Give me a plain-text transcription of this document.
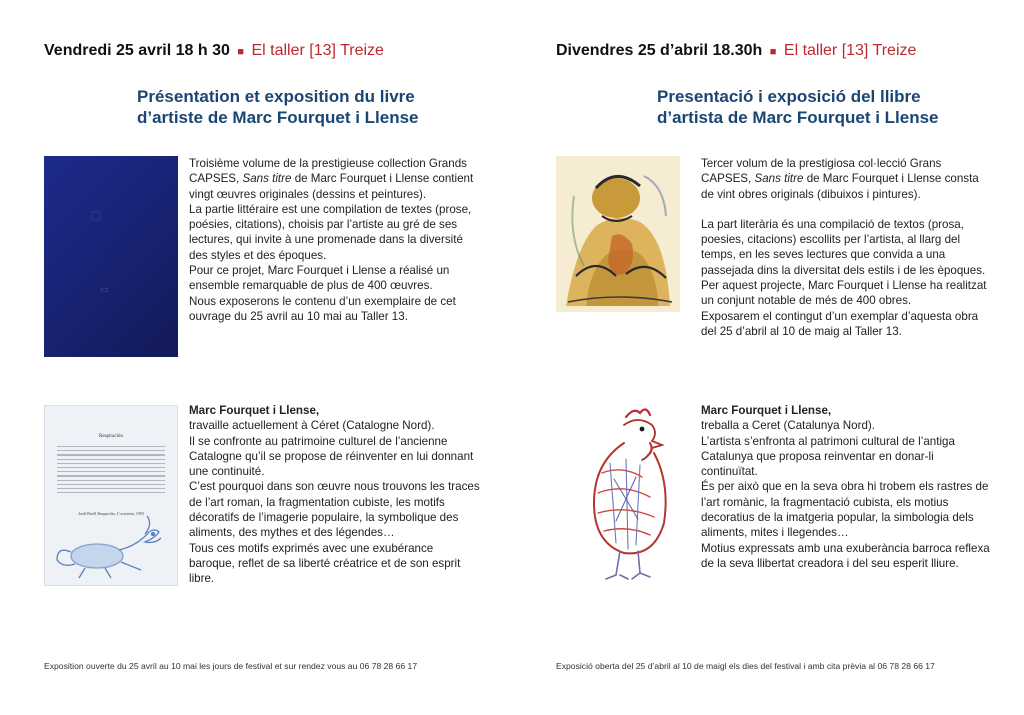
Vendredi 25 avril 18 h 30 ■ El taller [13] Treize
Présentation et exposition du livre
d’artiste de Marc Fourquet i Llense
▢
▭

Troisième volume de la prestigieuse collection Grands CAPSES, Sans titre de Marc Fourquet i Llense contient vingt œuvres originales (dessins et peintures).

La partie littéraire est une compilation de textes (prose, poésies, citations), choisis par l’artiste au gré de ses lectures, qui invite à une promenade dans la diversité des styles et des époques.

Pour ce projet, Marc Fourquet i Llense a réalisé un ensemble remarquable de plus de 400 œuvres.

Nous exposerons le contenu d’un exemplaire de cet ouvrage du 25 avril au 10 mai au Taller 13.

Respiración
Jordi Pinell Brugarolas, L’avioneta, 1993

Marc Fourquet i Llense,

travaille actuellement à Céret (Catalogne Nord).

Il se confronte au patrimoine culturel de l’ancienne Catalogne qu’il se propose de réinventer en lui donnant une continuité.

C’est pourquoi dans son œuvre nous trouvons les traces de l’art roman, la fragmentation cubiste, les motifs décoratifs de l’imagerie populaire, la symbolique des aliments, des mythes et des légendes…

Tous ces motifs exprimés avec une exubérance baroque, reflet de sa liberté créatrice et de son esprit libre.

Exposition ouverte du 25 avril au 10 mai les jours de festival et sur rendez vous au 06 78 28 66 17
Divendres 25 d’abril 18.30h ■ El taller [13] Treize
Presentació i exposició del llibre
d’artista de Marc Fourquet i Llense

Tercer volum de la prestigiosa col·lecció Grans CAPSES, Sans titre de Marc Fourquet i Llense consta de vint obres originals (dibuixos i pintures).

La part literària és una compilació de textos (prosa, poesies, citacions) escollits per l’artista, al llarg del temps, en les seves lectures que convida a una passejada dins la diversitat dels estils i de les èpoques. Per aquest projecte, Marc Fourquet i Llense ha realitzat un conjunt notable de més de 400 obres.

Exposarem el contingut d’un exemplar d’aquesta obra del 25 d’abril al 10 de maig al Taller 13.

Marc Fourquet i Llense,

treballa a Ceret (Catalunya Nord).

L’artista s’enfronta al patrimoni cultural de l’antiga Catalunya que proposa reinventar en donar-li continuïtat.

És per això que en la seva obra hi trobem els rastres de l’art romànic, la fragmentació cubista, els motius decoratius de la imatgeria popular, la simbologia dels aliments, mites i llegendes…

Motius expressats amb una exuberància barroca reflexa de la seva llibertat creadora i del seu esperit lliure.

Exposició oberta del 25 d’abril al 10 de maigl els dies del festival i amb cita prèvia al 06 78 28 66 17
